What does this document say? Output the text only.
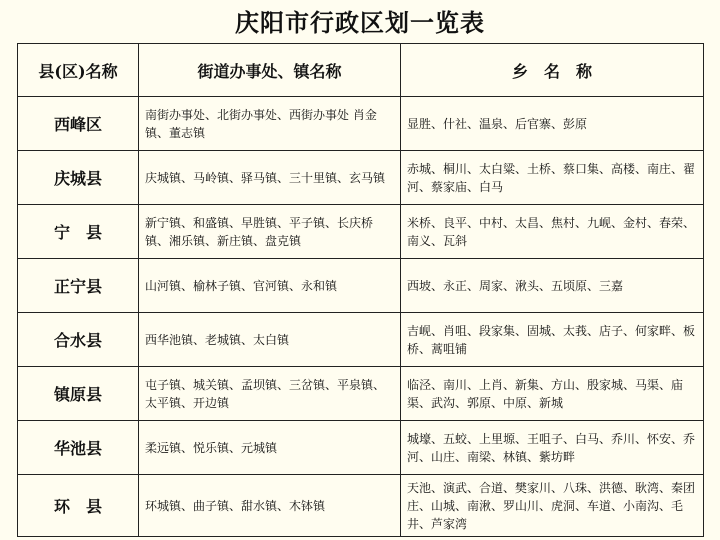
庆阳市行政区划一览表
县(区)名称	街道办事处、镇名称	乡　名　称
西峰区	南街办事处、北街办事处、西街办事处 肖金镇、董志镇	显胜、什社、温泉、后官寨、彭原
庆城县	庆城镇、马岭镇、驿马镇、三十里镇、玄马镇	赤城、桐川、太白粱、土桥、蔡口集、高楼、南庄、翟河、蔡家庙、白马
宁　县	新宁镇、和盛镇、早胜镇、平子镇、长庆桥镇、湘乐镇、新庄镇、盘克镇	米桥、良平、中村、太昌、焦村、九岘、金村、春荣、南义、瓦斜
正宁县	山河镇、榆林子镇、官河镇、永和镇	西坡、永正、周家、湫头、五顷原、三嘉
合水县	西华池镇、老城镇、太白镇	吉岘、肖咀、段家集、固城、太莪、店子、何家畔、板桥、蒿咀铺
镇原县	屯子镇、城关镇、孟坝镇、三岔镇、平泉镇、太平镇、开边镇	临泾、南川、上肖、新集、方山、殷家城、马渠、庙渠、武沟、郭原、中原、新城
华池县	柔远镇、悦乐镇、元城镇	城壕、五蛟、上里塬、王咀子、白马、乔川、怀安、乔河、山庄、南梁、林镇、紫坊畔
环　县	环城镇、曲子镇、甜水镇、木钵镇	天池、演武、合道、樊家川、八珠、洪德、耿湾、秦团庄、山城、南湫、罗山川、虎洞、车道、小南沟、毛井、芦家湾
